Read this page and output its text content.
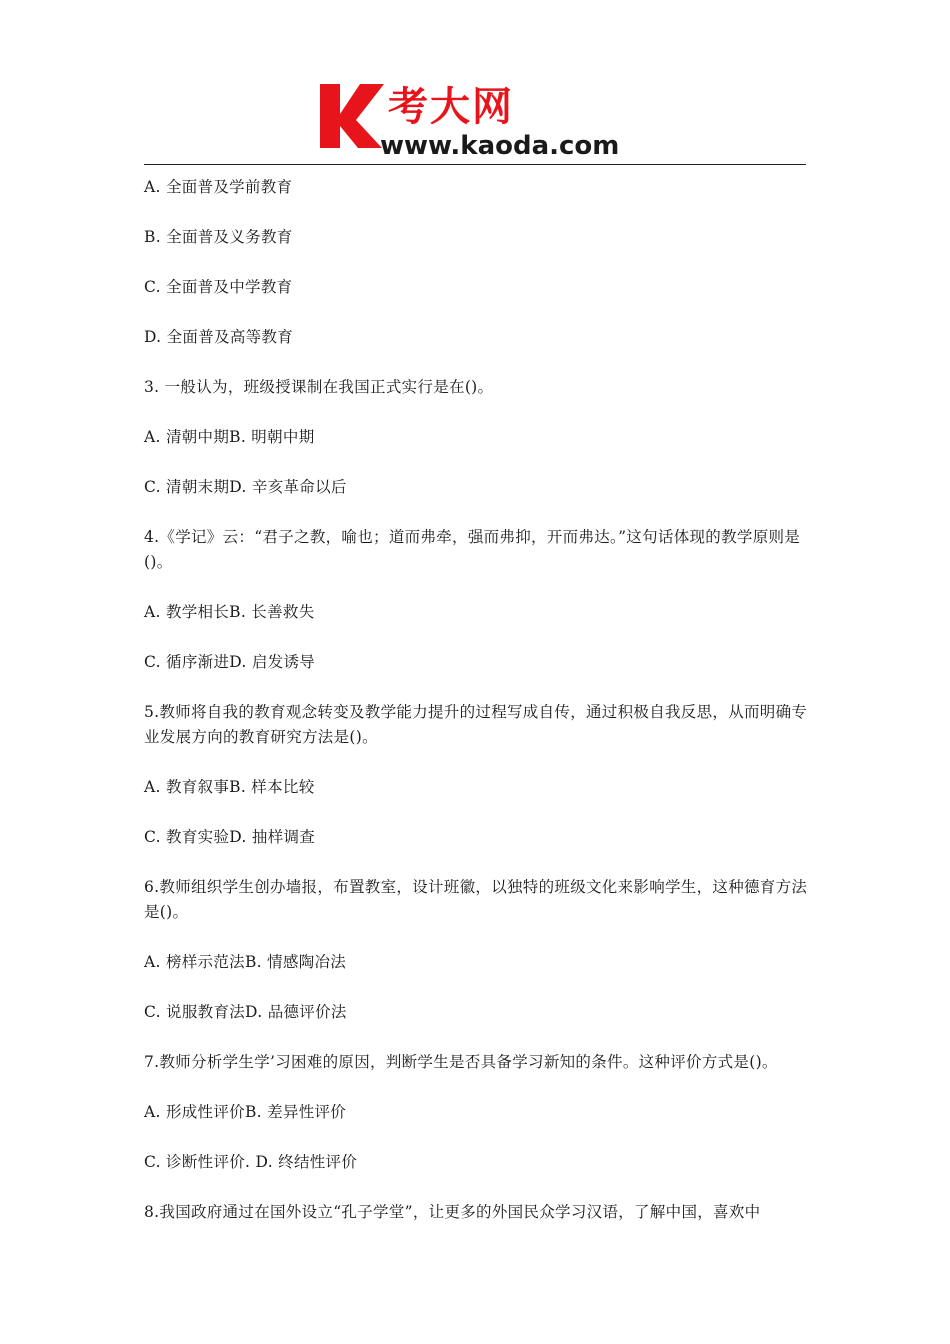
考大网
www.kaoda.com

A. 全面普及学前教育

B. 全面普及义务教育

C. 全面普及中学教育

D. 全面普及高等教育

3. 一般认为，班级授课制在我国正式实行是在()。

A. 清朝中期B. 明朝中期

C. 清朝末期D. 辛亥革命以后

4.《学记》云：“君子之教，喻也；道而弗牵，强而弗抑，开而弗达。”这句话体现的教学原则是()。

A. 教学相长B. 长善救失

C. 循序渐进D. 启发诱导

5.教师将自我的教育观念转变及教学能力提升的过程写成自传，通过积极自我反思，从而明确专业发展方向的教育研究方法是()。

A. 教育叙事B. 样本比较

C. 教育实验D. 抽样调查

6.教师组织学生创办墙报，布置教室，设计班徽，以独特的班级文化来影响学生，这种德育方法是()。

A. 榜样示范法B. 情感陶冶法

C. 说服教育法D. 品德评价法

7.教师分析学生学’习困难的原因，判断学生是否具备学习新知的条件。这种评价方式是()。

A. 形成性评价B. 差异性评价

C. 诊断性评价. D. 终结性评价

8.我国政府通过在国外设立“孔子学堂”，让更多的外国民众学习汉语，了解中国，喜欢中
